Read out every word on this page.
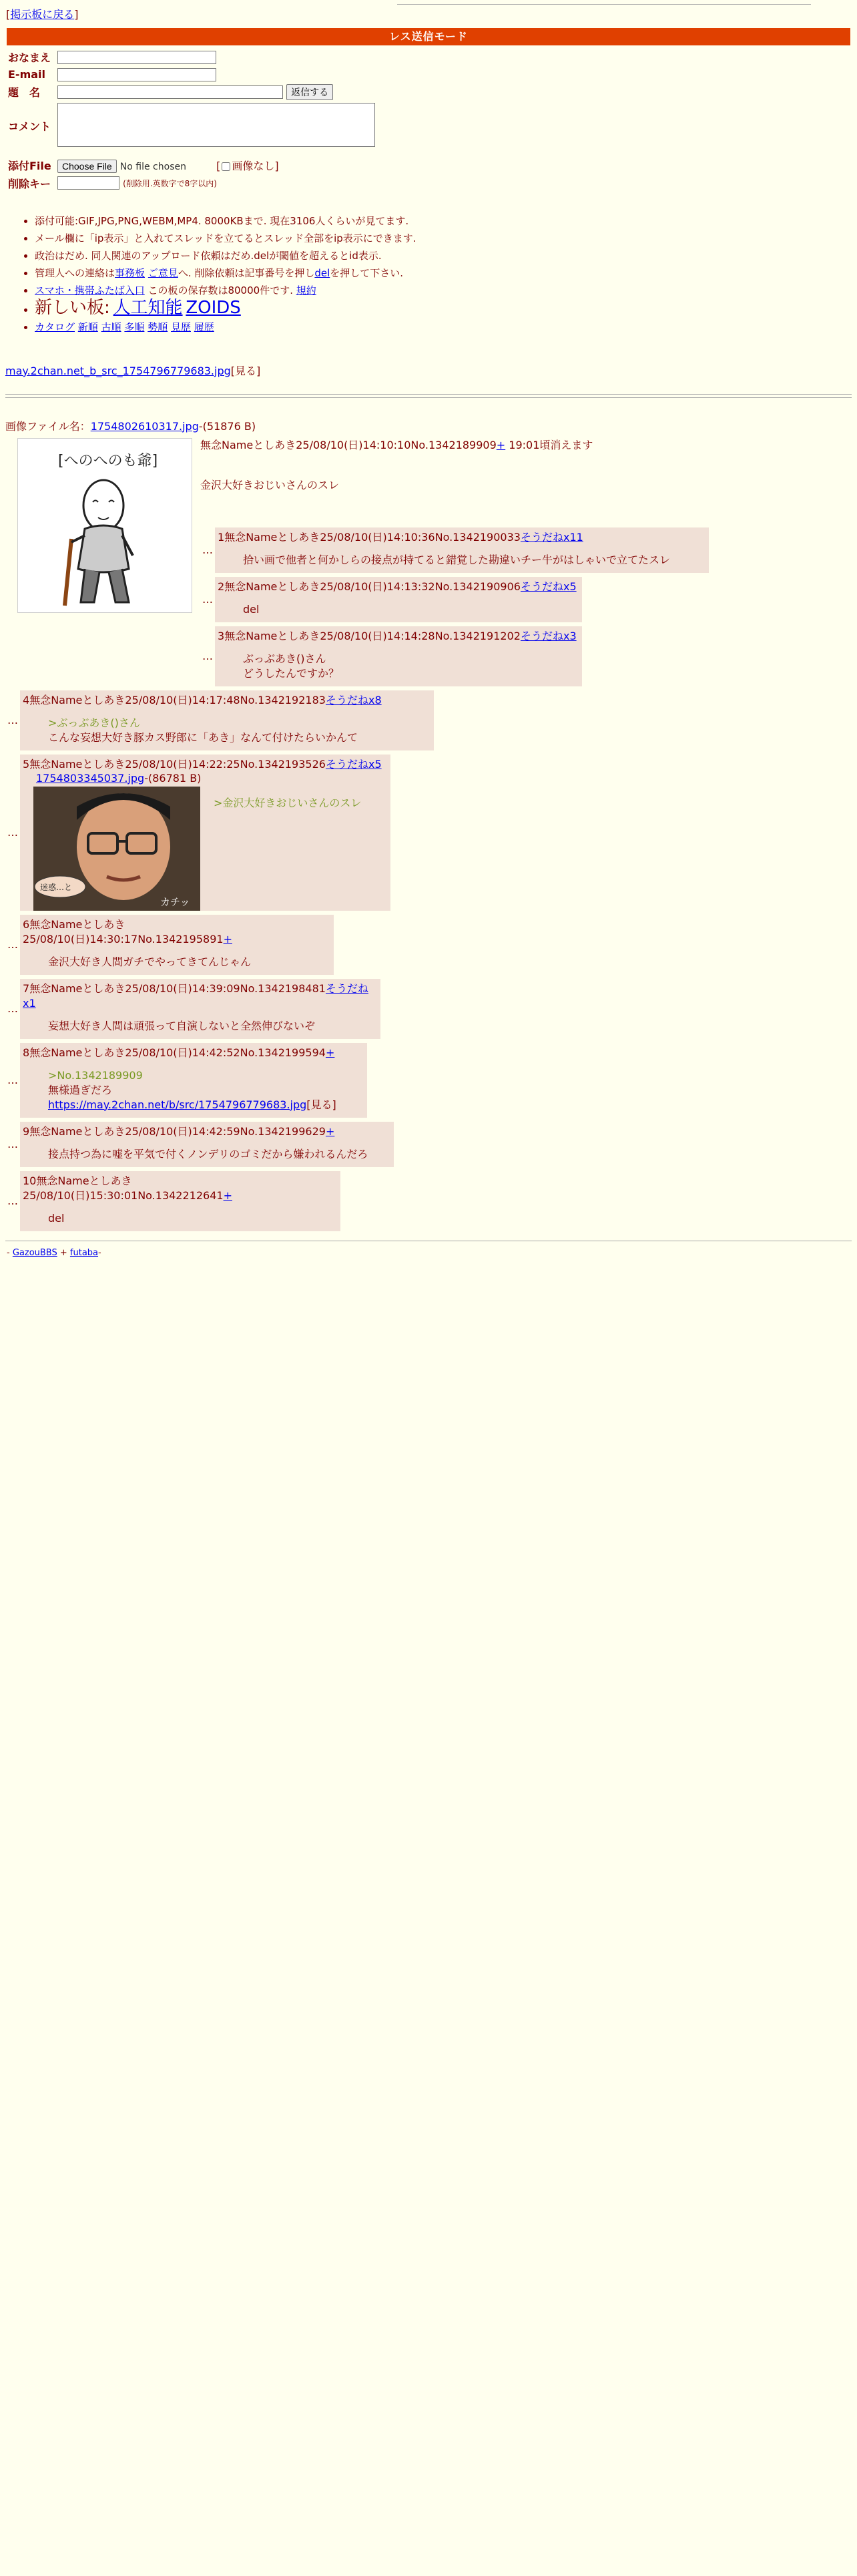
[掲示板に戻る]
レス送信モード
おなまえ	
E-mail	
題　名	返信する
コメント	
添付File	Choose File No file chosen [ 画像なし]
削除キー	(削除用.英数字で8字以内)
• 添付可能:GIF,JPG,PNG,WEBM,MP4. 8000KBまで. 現在3106人くらいが見てます.
• メール欄に「ip表示」と入れてスレッドを立てるとスレッド全部をip表示にできます.
• 政治はだめ. 同人関連のアップロード依頼はだめ.delが閾値を超えるとid表示.
• 管理人への連絡は事務板 ご意見へ. 削除依頼は記事番号を押しdelを押して下さい.
• スマホ・携帯ふたば入口 この板の保存数は80000件です. 規約
• 新しい板: 人工知能 ZOIDS
• カタログ 新順 古順 多順 勢順 見歴 履歴
may.2chan.net_b_src_1754796779683.jpg[見る]
画像ファイル名：1754802610317.jpg-(51876 B)
[へのへのも爺]
無念Nameとしあき25/08/10(日)14:10:10No.1342189909+ 19:01頃消えます
金沢大好きおじいさんのスレ
…
1無念Nameとしあき25/08/10(日)14:10:36No.1342190033そうだねx11
拾い画で他者と何かしらの接点が持てると錯覚した勘違いチー牛がはしゃいで立てたスレ
…
2無念Nameとしあき25/08/10(日)14:13:32No.1342190906そうだねx5
del
…
3無念Nameとしあき25/08/10(日)14:14:28No.1342191202そうだねx3
ぶっぶあき()さん
どうしたんですか？
…
4無念Nameとしあき25/08/10(日)14:17:48No.1342192183そうだねx8
>ぶっぶあき()さん
こんな妄想大好き豚カス野郎に「あき」なんて付けたらいかんて
…
5無念Nameとしあき25/08/10(日)14:22:25No.1342193526そうだねx5
1754803345037.jpg-(86781 B)
迷惑…と
カチッ
>金沢大好きおじいさんのスレ
…
6無念Nameとしあき25/08/10(日)14:30:17No.1342195891+
金沢大好き人間ガチでやってきてんじゃん
…
7無念Nameとしあき25/08/10(日)14:39:09No.1342198481そうだねx1
妄想大好き人間は頑張って自演しないと全然伸びないぞ
…
8無念Nameとしあき25/08/10(日)14:42:52No.1342199594+
>No.1342189909
無様過ぎだろ
https://may.2chan.net/b/src/1754796779683.jpg[見る]
…
9無念Nameとしあき25/08/10(日)14:42:59No.1342199629+
接点持つ為に嘘を平気で付くノンデリのゴミだから嫌われるんだろ
…
10無念Nameとしあき25/08/10(日)15:30:01No.1342212641+
del
- GazouBBS + futaba-
